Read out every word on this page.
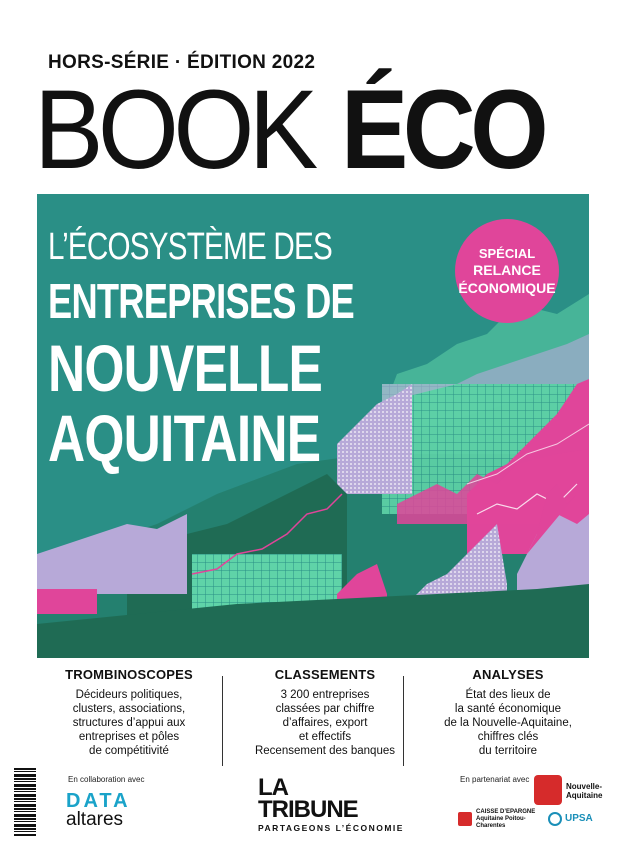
HORS-SÉRIE · ÉDITION 2022
BOOK ÉCO
L’ÉCOSYSTÈME DES
ENTREPRISES DE
NOUVELLE
AQUITAINE
SPÉCIAL
RELANCE
ÉCONOMIQUE
TROMBINOSCOPES
Décideurs politiques,
clusters, associations,
structures d’appui aux
entreprises et pôles
de compétitivité
CLASSEMENTS
3 200 entreprises
classées par chiffre
d’affaires, export
et effectifs
Recensement des banques
ANALYSES
État des lieux de
la santé économique
de la Nouvelle-Aquitaine,
chiffres clés
du territoire
En collaboration avec
DATA
altares
LA
TRIBUNE
PARTAGEONS L’ÉCONOMIE
En partenariat avec
Nouvelle-Aquitaine
CAISSE D’EPARGNE Aquitaine Poitou-Charentes
UPSA
